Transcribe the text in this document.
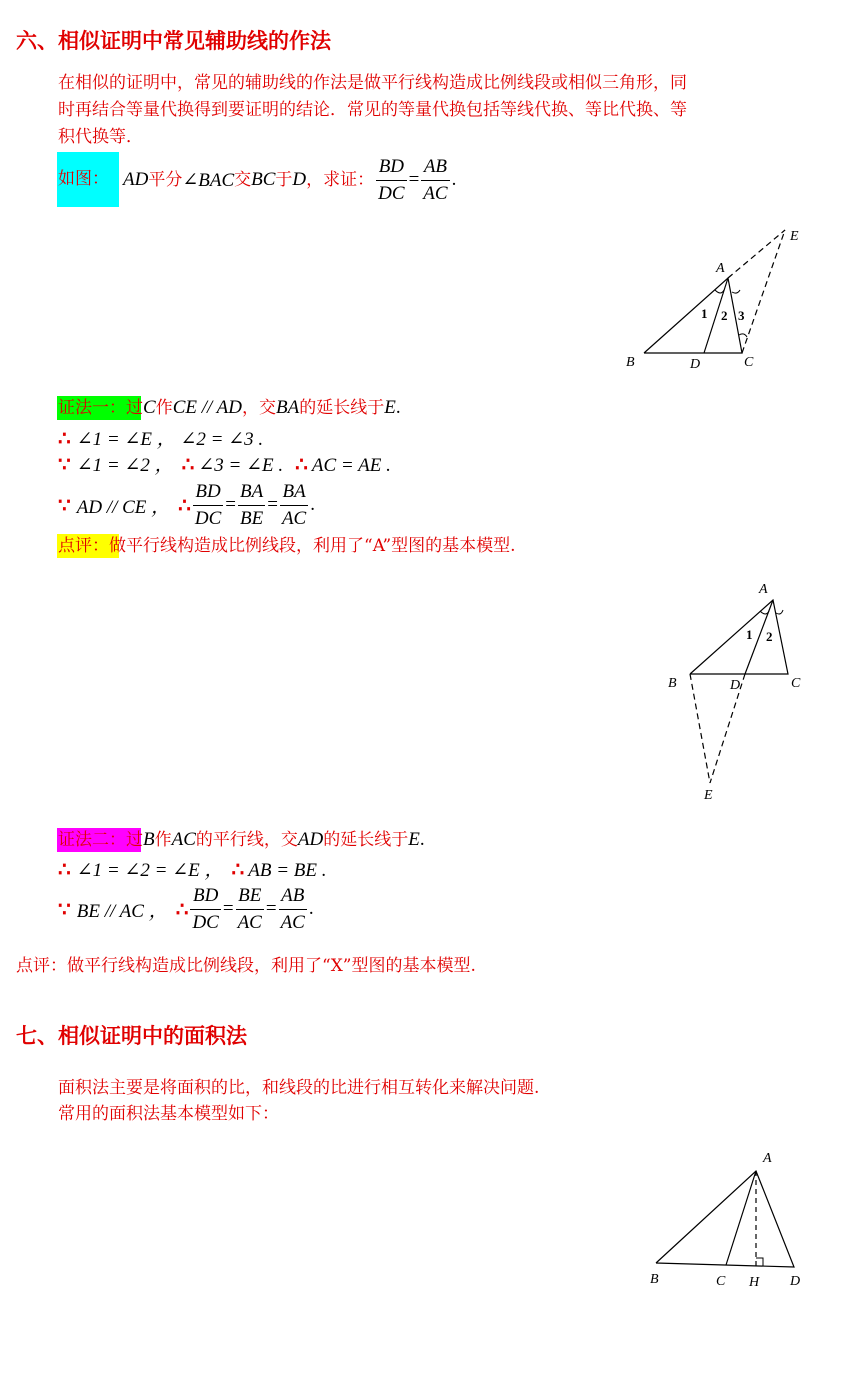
六、相似证明中常见辅助线的作法
在相似的证明中，常见的辅助线的作法是做平行线构造成比例线段或相似三角形，同
时再结合等量代换得到要证明的结论．常见的等量代换包括等线代换、等比代换、等
积代换等．
如图： AD 平分 ∠BAC 交 BC 于 D ，求证： $\frac{BD}{DC} = \frac{AB}{AC}$ .
A
E
B	D	C
1 2 3
证法一： 过 C 作 CE // AD ，交 BA 的延长线于 E .
∴ ∠1 = ∠E ， ∠2 = ∠3 .
∵ ∠1 = ∠2 ， ∴ ∠3 = ∠E . ∴ AC = AE .
∵ AD // CE ， ∴ $\frac{BD}{DC} = \frac{BA}{BE} = \frac{BA}{AC}$ .
点评： 做平行线构造成比例线段，利用了“A”型图的基本模型.
A
B	D	C
E
1 2
证法二： 过 B 作 AC 的平行线，交 AD 的延长线于 E .
∴ ∠1 = ∠2 = ∠E ， ∴ AB = BE .
∵ BE // AC ， ∴ $\frac{BD}{DC} = \frac{BE}{AC} = \frac{AB}{AC}$ .
点评：做平行线构造成比例线段，利用了“X”型图的基本模型.
七、相似证明中的面积法
面积法主要是将面积的比，和线段的比进行相互转化来解决问题.
常用的面积法基本模型如下：
A
B	C H D
